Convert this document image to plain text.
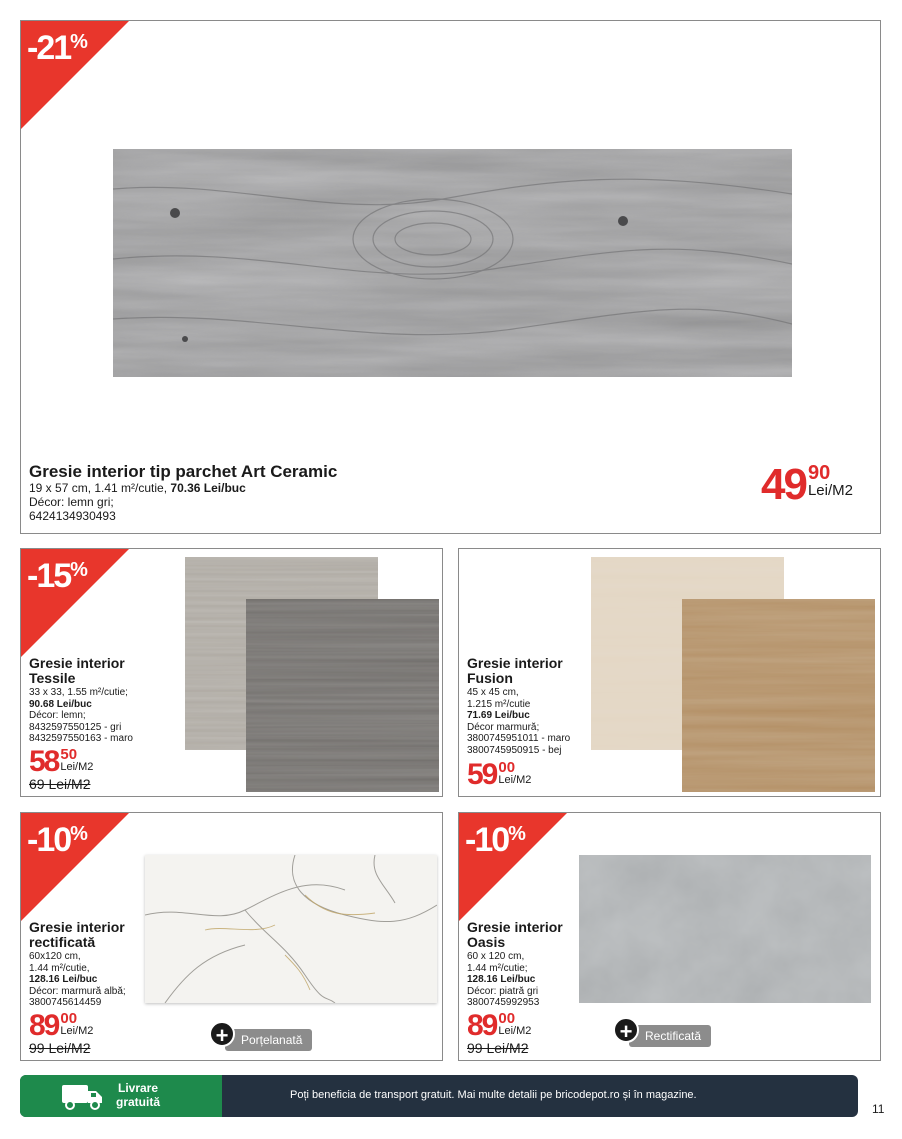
-21%
Gresie interior tip parchet Art Ceramic
19 x 57 cm, 1.41 m²/cutie, 70.36 Lei/buc
Décor: lemn gri;
6424134930493
49 90
Lei/M2
-15%
Gresie interior
Tessile
33 x 33, 1.55 m²/cutie;
90.68 Lei/buc
Décor: lemn;
8432597550125 - gri
8432597550163 - maro
58 50
Lei/M2
69 Lei/M2
Gresie interior
Fusion
45 x 45 cm,
1.215 m²/cutie
71.69 Lei/buc
Décor marmură;
3800745951011 - maro
3800745950915 - bej
59 00
Lei/M2
-10%
Gresie interior
rectificată
60x120 cm,
1.44 m²/cutie,
128.16 Lei/buc
Décor: marmură albă;
3800745614459
89 00
Lei/M2
99 Lei/M2	+	Porțelanată
-10%
Gresie interior
Oasis
60 x 120 cm,
1.44 m²/cutie;
128.16 Lei/buc
Décor: piatră gri
3800745992953
89 00
Lei/M2
99 Lei/M2
+	Rectificată
Livrare
gratuită
Poți beneficia de transport gratuit. Mai multe detalii pe bricodepot.ro și în magazine.
11
